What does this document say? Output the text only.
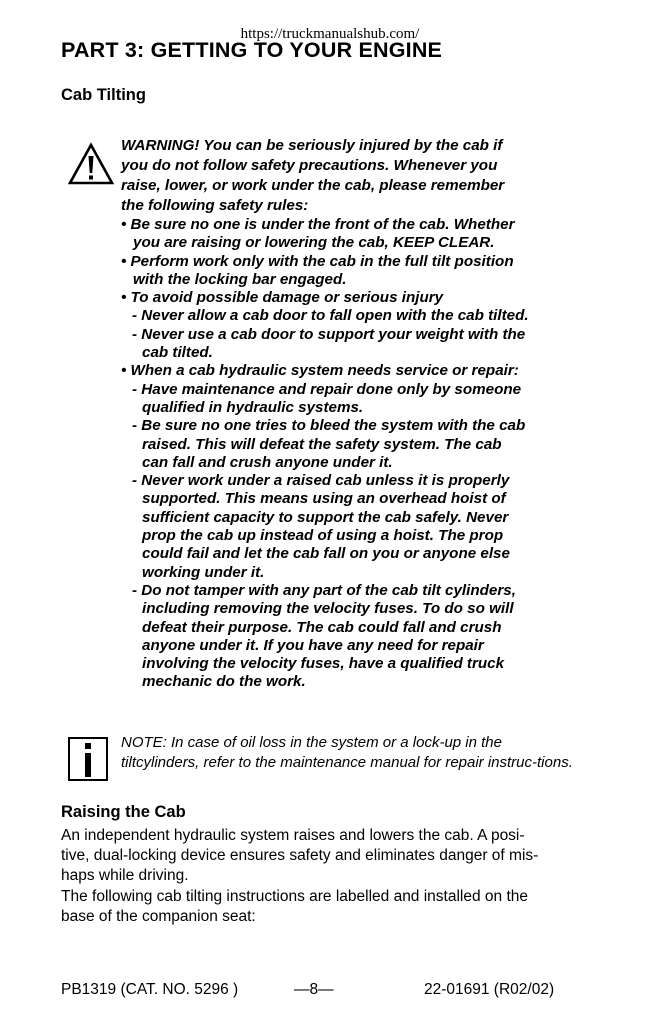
https://truckmanualshub.com/
PART 3: GETTING TO YOUR ENGINE
Cab Tilting
WARNING! You can be seriously injured by the cab if
you do not follow safety precautions. Whenever you
raise, lower, or work under the cab, please remember
the following safety rules:
• Be sure no one is under the front of the cab. Whether
you are raising or lowering the cab, KEEP CLEAR.
• Perform work only with the cab in the full tilt position
with the locking bar engaged.
• To avoid possible damage or serious injury
- Never allow a cab door to fall open with the cab tilted.
- Never use a cab door to support your weight with the
cab tilted.
• When a cab hydraulic system needs service or repair:
- Have maintenance and repair done only by someone
qualified in hydraulic systems.
- Be sure no one tries to bleed the system with the cab
raised. This will defeat the safety system. The cab
can fall and crush anyone under it.
- Never work under a raised cab unless it is properly
supported. This means using an overhead hoist of
sufficient capacity to support the cab safely. Never
prop the cab up instead of using a hoist. The prop
could fail and let the cab fall on you or anyone else
working under it.
- Do not tamper with any part of the cab tilt cylinders,
including removing the velocity fuses. To do so will
defeat their purpose. The cab could fall and crush
anyone under it. If you have any need for repair
involving the velocity fuses, have a qualified truck
mechanic do the work.
NOTE: In case of oil loss in the system or a lock-up in the tiltcylinders, refer to the maintenance manual for repair instruc-tions.
Raising the Cab
An independent hydraulic system raises and lowers the cab. A posi-
tive, dual-locking device ensures safety and eliminates danger of mis-
haps while driving.
The following cab tilting instructions are labelled and installed on the
base of the companion seat:
PB1319 (CAT. NO. 5296 )	—8—	22-01691 (R02/02)
